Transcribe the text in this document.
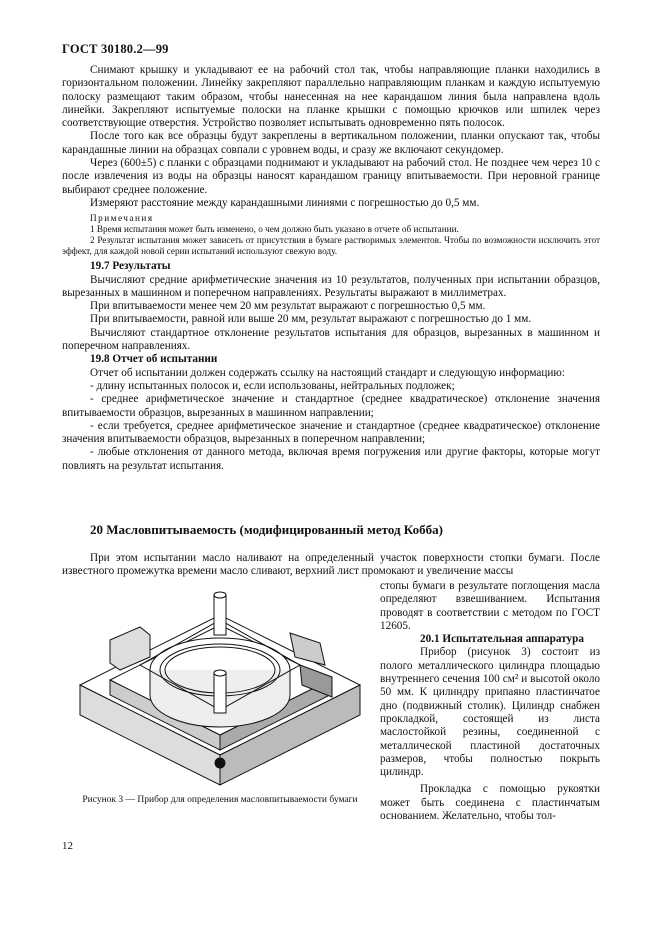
ГОСТ 30180.2—99

Снимают крышку и укладывают ее на рабочий стол так, чтобы направляющие планки находились в горизонтальном положении. Линейку закрепляют параллельно направляющим планкам и каждую испытуемую полоску размещают таким образом, чтобы нанесенная на нее карандашом линия была направлена вдоль линейки. Закрепляют испытуемые полоски на планке крышки с помощью крючков или шпилек через соответствующие отверстия. Устройство позволяет испытывать одновременно пять полосок.

После того как все образцы будут закреплены в вертикальном положении, планки опускают так, чтобы карандашные линии на образцах совпали с уровнем воды, и сразу же включают секундомер.

Через (600±5) с планки с образцами поднимают и укладывают на рабочий стол. Не позднее чем через 10 с после извлечения из воды на образцы наносят карандашом границу впитываемости. При неровной границе выбирают среднее положение.

Измеряют расстояние между карандашными линиями с погрешностью до 0,5 мм.

Примечания

1 Время испытания может быть изменено, о чем должно быть указано в отчете об испытании.

2 Результат испытания может зависеть от присутствия в бумаге растворимых элементов. Чтобы по возможности исключить этот эффект, для каждой новой серии испытаний используют свежую воду.

19.7 Результаты

Вычисляют средние арифметические значения из 10 результатов, полученных при испытании образцов, вырезанных в машинном и поперечном направлениях. Результаты выражают в миллиметрах.

При впитываемости менее чем 20 мм результат выражают с погрешностью 0,5 мм.

При впитываемости, равной или выше 20 мм, результат выражают с погрешностью до 1 мм.

Вычисляют стандартное отклонение результатов испытания для образцов, вырезанных в машинном и поперечном направлениях.

19.8 Отчет об испытании

Отчет об испытании должен содержать ссылку на настоящий стандарт и следующую информацию:

- длину испытанных полосок и, если использованы, нейтральных подложек;

- среднее арифметическое значение и стандартное (среднее квадратическое) отклонение значения впитываемости образцов, вырезанных в машинном направлении;

- если требуется, среднее арифметическое значение и стандартное (среднее квадратическое) отклонение значения впитываемости образцов, вырезанных в поперечном направлении;

- любые отклонения от данного метода, включая время погружения или другие факторы, которые могут повлиять на результат испытания.

20 Масловпитываемость (модифицированный метод Кобба)

При этом испытании масло наливают на определенный участок поверхности стопки бумаги. После известного промежутка времени масло сливают, верхний лист промокают и увеличение массы

стопы бумаги в результате поглощения масла определяют взвешиванием. Испытания проводят в соответствии с методом по ГОСТ 12605.

20.1 Испытательная аппаратура

Прибор (рисунок 3) состоит из полого металлического цилиндра площадью внутреннего сечения 100 см² и высотой около 50 мм. К цилиндру припаяно пластинчатое дно (подвижный столик). Цилиндр снабжен прокладкой, состоящей из листа маслостойкой резины, соединенной с металлической пластиной достаточных размеров, чтобы полностью покрыть цилиндр.

Прокладка с помощью рукоятки может быть соединена с пластинчатым основанием. Желательно, чтобы тол-

Рисунок 3 — Прибор для определения масловпитываемости бумаги
12
